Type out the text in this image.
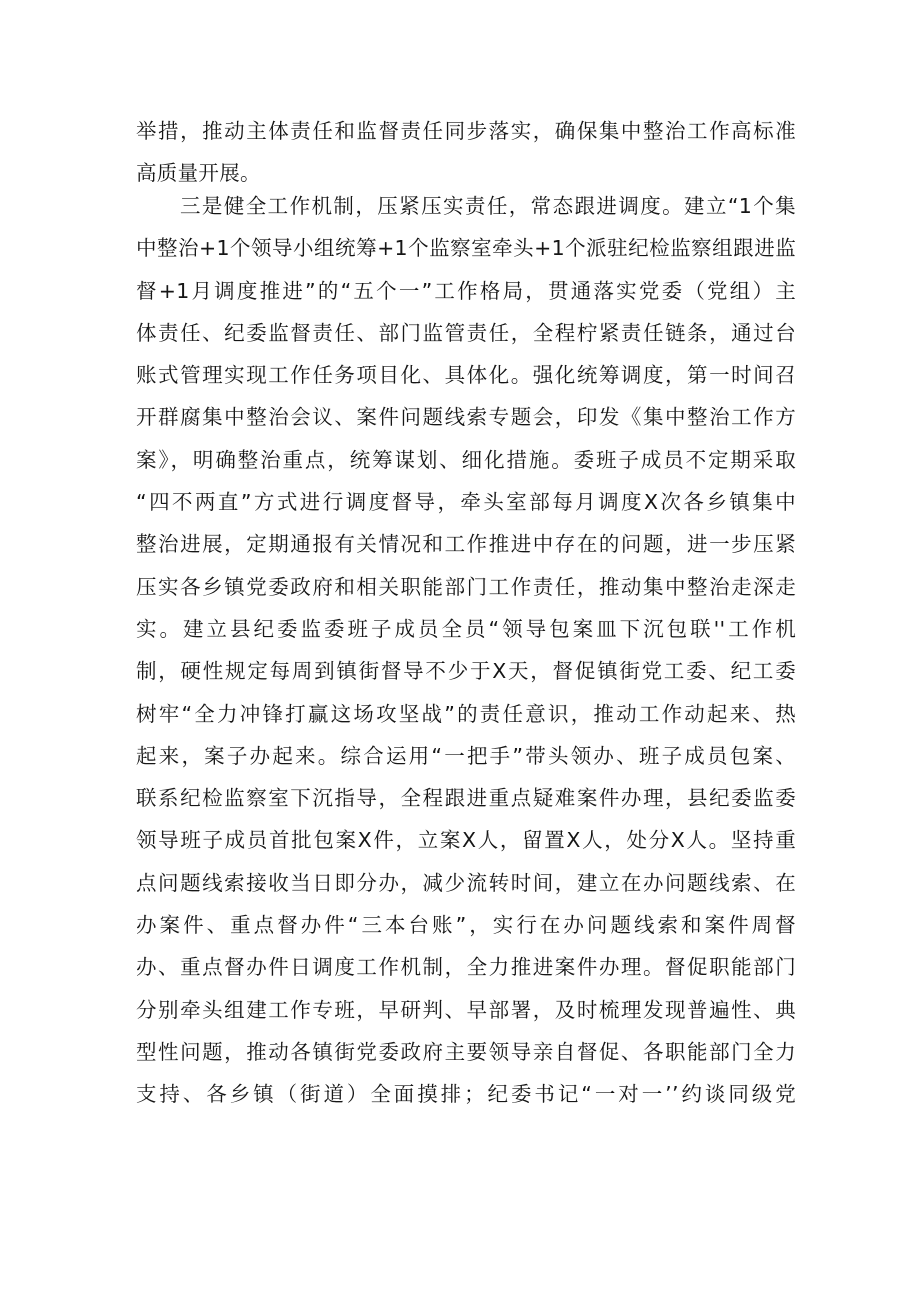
举措，推动主体责任和监督责任同步落实，确保集中整治工作高标准
高质量开展。
三是健全工作机制，压紧压实责任，常态跟进调度。建立“1个集
中整治+1个领导小组统筹+1个监察室牵头+1个派驻纪检监察组跟进监
督+1月调度推进”的“五个一”工作格局，贯通落实党委（党组）主
体责任、纪委监督责任、部门监管责任，全程柠紧责任链条，通过台
账式管理实现工作任务项目化、具体化。强化统筹调度，第一时间召
开群腐集中整治会议、案件问题线索专题会，印发《集中整治工作方
案》，明确整治重点，统筹谋划、细化措施。委班子成员不定期采取
“四不两直”方式进行调度督导，牵头室部每月调度X次各乡镇集中
整治进展，定期通报有关情况和工作推进中存在的问题，进一步压紧
压实各乡镇党委政府和相关职能部门工作责任，推动集中整治走深走
实。建立县纪委监委班子成员全员“领导包案皿下沉包联''工作机
制，硬性规定每周到镇街督导不少于X天，督促镇街党工委、纪工委
树牢“全力冲锋打赢这场攻坚战”的责任意识，推动工作动起来、热
起来，案子办起来。综合运用“一把手”带头领办、班子成员包案、
联系纪检监察室下沉指导，全程跟进重点疑难案件办理，县纪委监委
领导班子成员首批包案X件，立案X人，留置X人，处分X人。坚持重
点问题线索接收当日即分办，减少流转时间，建立在办问题线索、在
办案件、重点督办件“三本台账”，实行在办问题线索和案件周督
办、重点督办件日调度工作机制，全力推进案件办理。督促职能部门
分别牵头组建工作专班，早研判、早部署，及时梳理发现普遍性、典
型性问题，推动各镇街党委政府主要领导亲自督促、各职能部门全力
支持、各乡镇（街道）全面摸排；纪委书记“一对一’’约谈同级党
